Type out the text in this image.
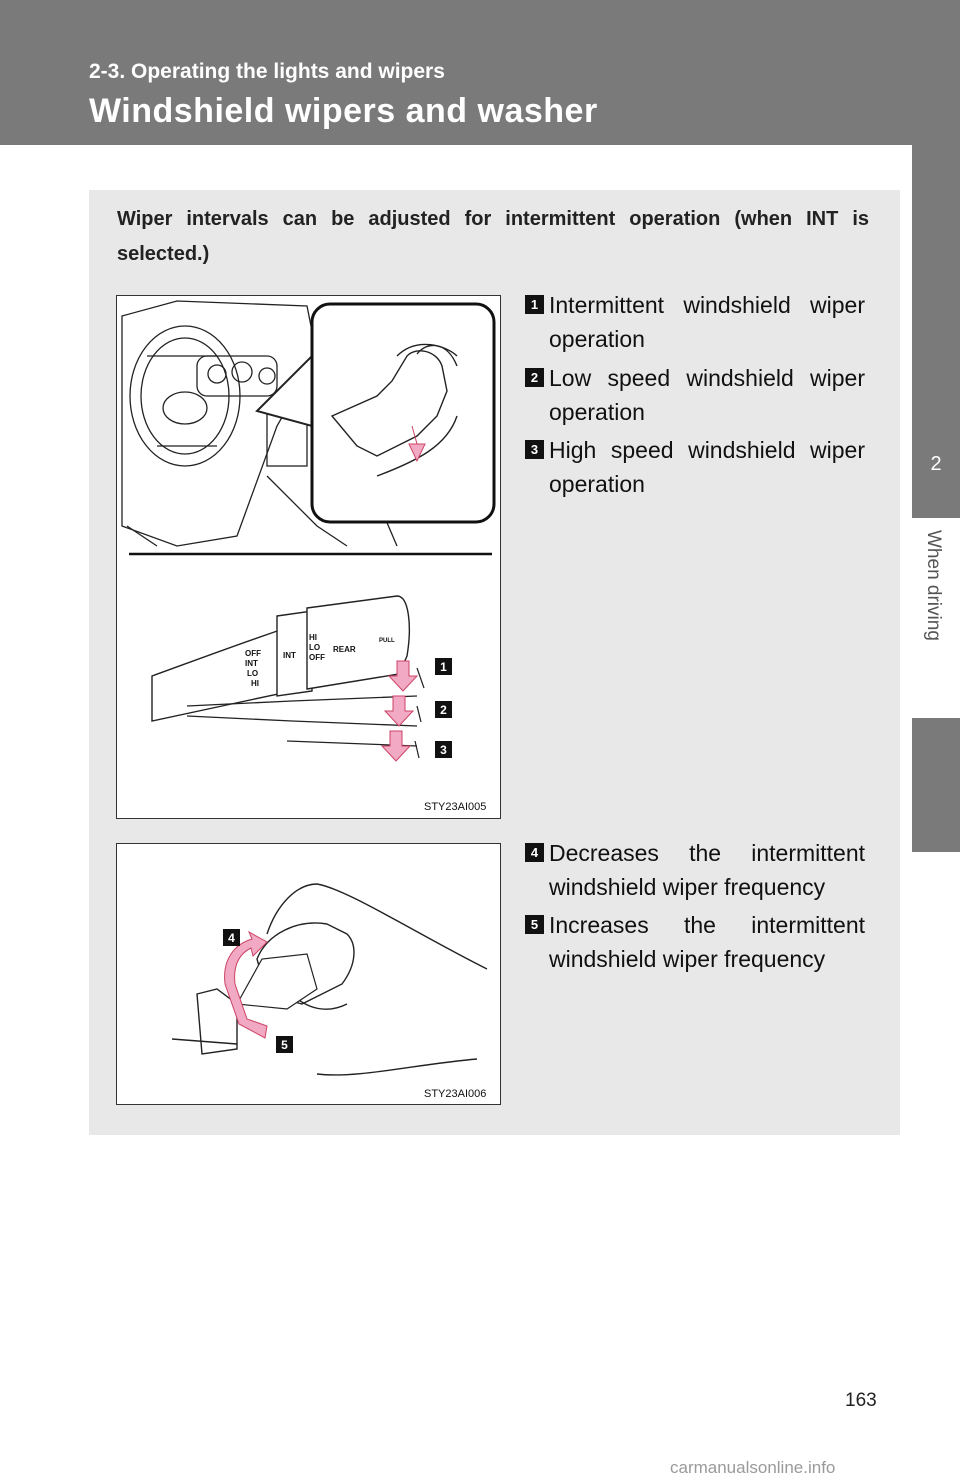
2-3. Operating the lights and wipers
Windshield wipers and washer
2
When driving
Wiper intervals can be adjusted for intermittent operation (when INT is selected.)
OFF
INT
LO
HI
HI
LO
OFF
INT
REAR
PULL
1
2
3
STY23AI005
4
5
STY23AI006
1 Intermittent windshield wiper operation
2 Low speed windshield wiper operation
3 High speed windshield wiper operation
4 Decreases the intermittent windshield wiper frequency
5 Increases the intermittent windshield wiper frequency
163
carmanualsonline.info
